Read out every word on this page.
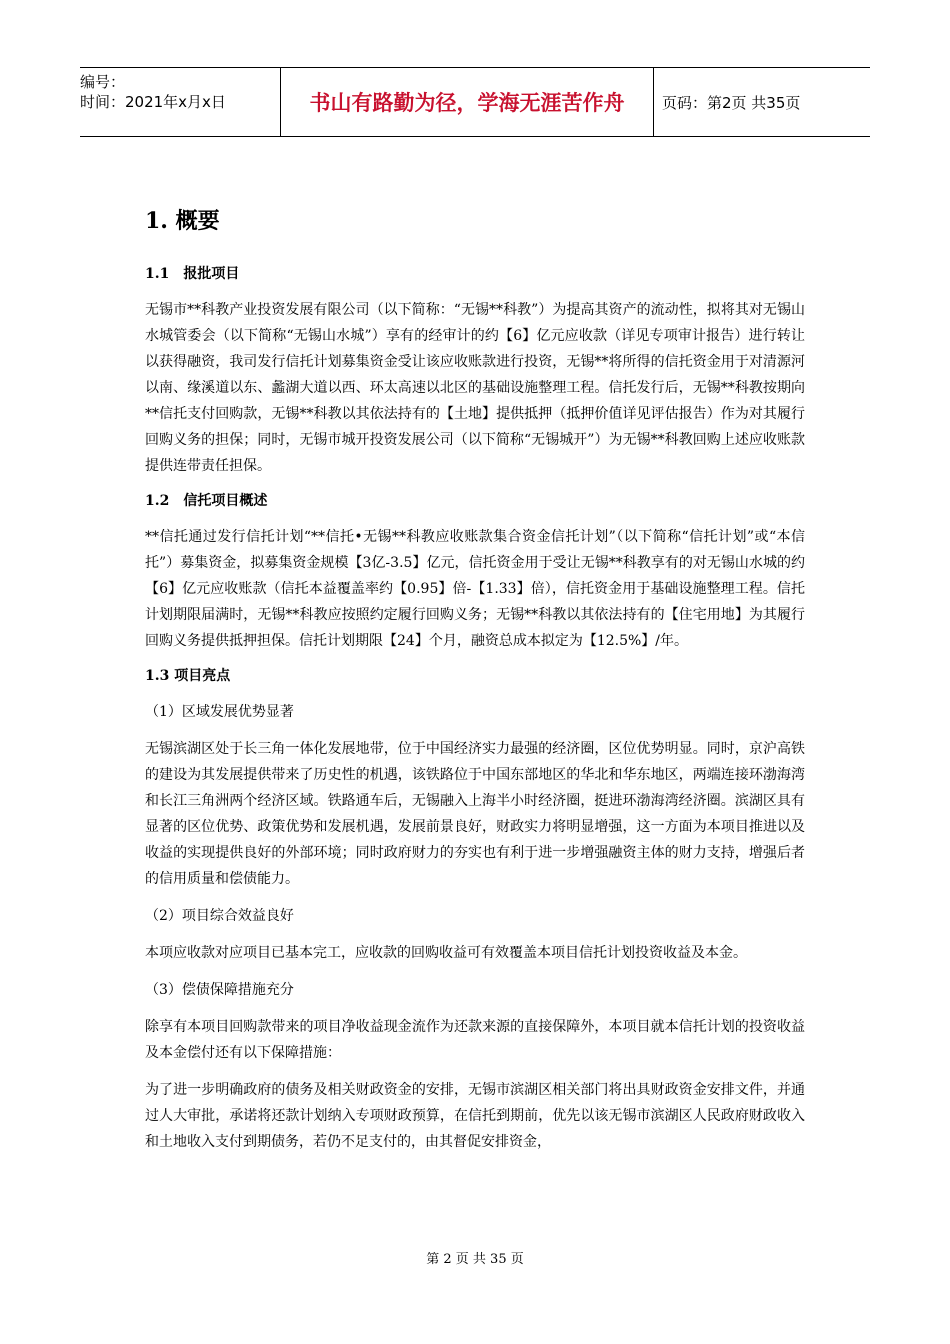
编号：
时间：2021年x月x日	书山有路勤为径，学海无涯苦作舟	页码：第2页 共35页
1. 概要
1.1　报批项目

无锡市**科教产业投资发展有限公司（以下简称：“无锡**科教”）为提高其资产的流动性，拟将其对无锡山水城管委会（以下简称“无锡山水城”）享有的经审计的约【6】亿元应收款（详见专项审计报告）进行转让以获得融资，我司发行信托计划募集资金受让该应收账款进行投资，无锡**将所得的信托资金用于对清源河以南、缘溪道以东、蠡湖大道以西、环太高速以北区的基础设施整理工程。信托发行后，无锡**科教按期向**信托支付回购款，无锡**科教以其依法持有的【土地】提供抵押（抵押价值详见评估报告）作为对其履行回购义务的担保；同时，无锡市城开投资发展公司（以下简称“无锡城开”）为无锡**科教回购上述应收账款提供连带责任担保。

1.2　信托项目概述

**信托通过发行信托计划“**信托•无锡**科教应收账款集合资金信托计划”（以下简称“信托计划”或“本信托”）募集资金，拟募集资金规模【3亿-3.5】亿元，信托资金用于受让无锡**科教享有的对无锡山水城的约【6】亿元应收账款（信托本益覆盖率约【0.95】倍-【1.33】倍），信托资金用于基础设施整理工程。信托计划期限届满时，无锡**科教应按照约定履行回购义务；无锡**科教以其依法持有的【住宅用地】为其履行回购义务提供抵押担保。信托计划期限【24】个月，融资总成本拟定为【12.5%】/年。

1.3 项目亮点

（1）区域发展优势显著

无锡滨湖区处于长三角一体化发展地带，位于中国经济实力最强的经济圈，区位优势明显。同时，京沪高铁的建设为其发展提供带来了历史性的机遇，该铁路位于中国东部地区的华北和华东地区，两端连接环渤海湾和长江三角洲两个经济区域。铁路通车后，无锡融入上海半小时经济圈，挺进环渤海湾经济圈。滨湖区具有显著的区位优势、政策优势和发展机遇，发展前景良好，财政实力将明显增强，这一方面为本项目推进以及收益的实现提供良好的外部环境；同时政府财力的夯实也有利于进一步增强融资主体的财力支持，增强后者的信用质量和偿债能力。

（2）项目综合效益良好

本项应收款对应项目已基本完工，应收款的回购收益可有效覆盖本项目信托计划投资收益及本金。

（3）偿债保障措施充分

除享有本项目回购款带来的项目净收益现金流作为还款来源的直接保障外，本项目就本信托计划的投资收益及本金偿付还有以下保障措施：

为了进一步明确政府的债务及相关财政资金的安排，无锡市滨湖区相关部门将出具财政资金安排文件，并通过人大审批，承诺将还款计划纳入专项财政预算，在信托到期前，优先以该无锡市滨湖区人民政府财政收入和土地收入支付到期债务，若仍不足支付的，由其督促安排资金，

第 2 页 共 35 页
